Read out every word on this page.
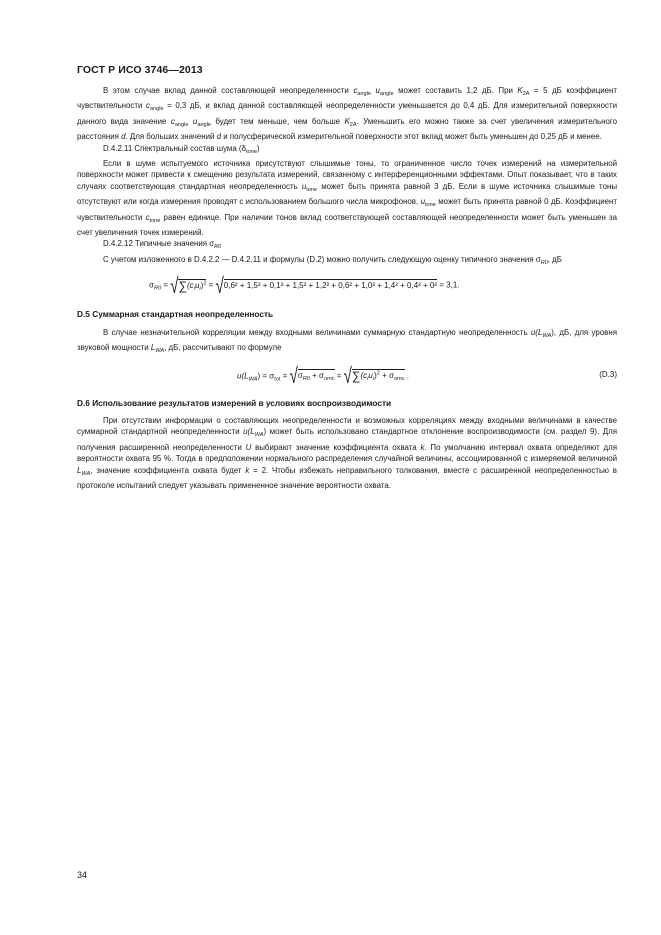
ГОСТ Р ИСО 3746—2013

В этом случае вклад данной составляющей неопределенности $c_{angle}$ $u_{angle}$ может составить 1,2 дБ. При $K_{2A} = 5$ дБ коэффициент чувствительности $c_{angle} = 0,3$ дБ, и вклад данной составляющей неопределенности уменьшается до 0,4 дБ. Для измерительной поверхности данного вида значение $c_{angle}$ $u_{angle}$ будет тем меньше, чем больше $K_{2A}$. Уменьшить его можно также за счет увеличения измерительного расстояния d. Для больших значений d и полусферической измерительной поверхности этот вклад может быть уменьшен до 0,25 дБ и менее.

D.4.2.11 Спектральный состав шума $(\delta_{tone})$

Если в шуме испытуемого источника присутствуют слышимые тоны, то ограниченное число точек измерений на измерительной поверхности может привести к смещению результата измерений, связанному с интерференционными эффектами. Опыт показывает, что в таких случаях соответствующая стандартная неопределенность $u_{tone}$ может быть принята равной 3 дБ. Если в шуме источника слышимые тоны отсутствуют или когда измерения проводят с использованием большого числа микрофонов, $u_{tone}$ может быть принята равной 0 дБ. Коэффициент чувствительности $c_{tone}$ равен единице. При наличии тонов вклад соответствующей составляющей неопределенности может быть уменьшен за счет увеличения точек измерений.

D.4.2.12 Типичные значения $\sigma_{R0}$

С учетом изложенного в D.4.2.2 — D.4.2.11 и формулы (D.2) можно получить следующую оценку типичного значения $\sigma_{R0}$, дБ

$\sigma_{R0} = √\sum(c_iu_i)^2 = √0,6^2 + 1,5^2 + 0,1^2 + 1,5^2 + 1,2^2 + 0,6^2 + 1,0^2 + 1,4^2 + 0,4^2 + 0^2 = 3,1$.

D.5 Суммарная стандартная неопределенность

В случае незначительной корреляции между входными величинами суммарную стандартную неопределенность $u(L_{WA})$, дБ, для уровня звуковой мощности $L_{WA}$, дБ, рассчитывают по формуле

$u(L_{WA}) = \sigma_{tot} = √\sigma_{R0} + \sigma_{omc} = √\sum(c_iu_i)^2 + \sigma_{omc}$ .	(D.3)

D.6 Использование результатов измерений в условиях воспроизводимости

При отсутствии информации о составляющих неопределенности и возможных корреляциях между входными величинами в качестве суммарной стандартной неопределенности $u(L_{WA})$ может быть использовано стандартное отклонение воспроизводимости (см. раздел 9). Для получения расширенной неопределенности U выбирают значение коэффициента охвата k. По умолчанию интервал охвата определяют для вероятности охвата 95 %. Тогда в предположении нормального распределения случайной величины, ассоциированной с измеряемой величиной $L_{WA}$, значение коэффициента охвата будет k = 2. Чтобы избежать неправильного толкования, вместе с расширенной неопределенностью в протоколе испытаний следует указывать примененное значение вероятности охвата.

34
